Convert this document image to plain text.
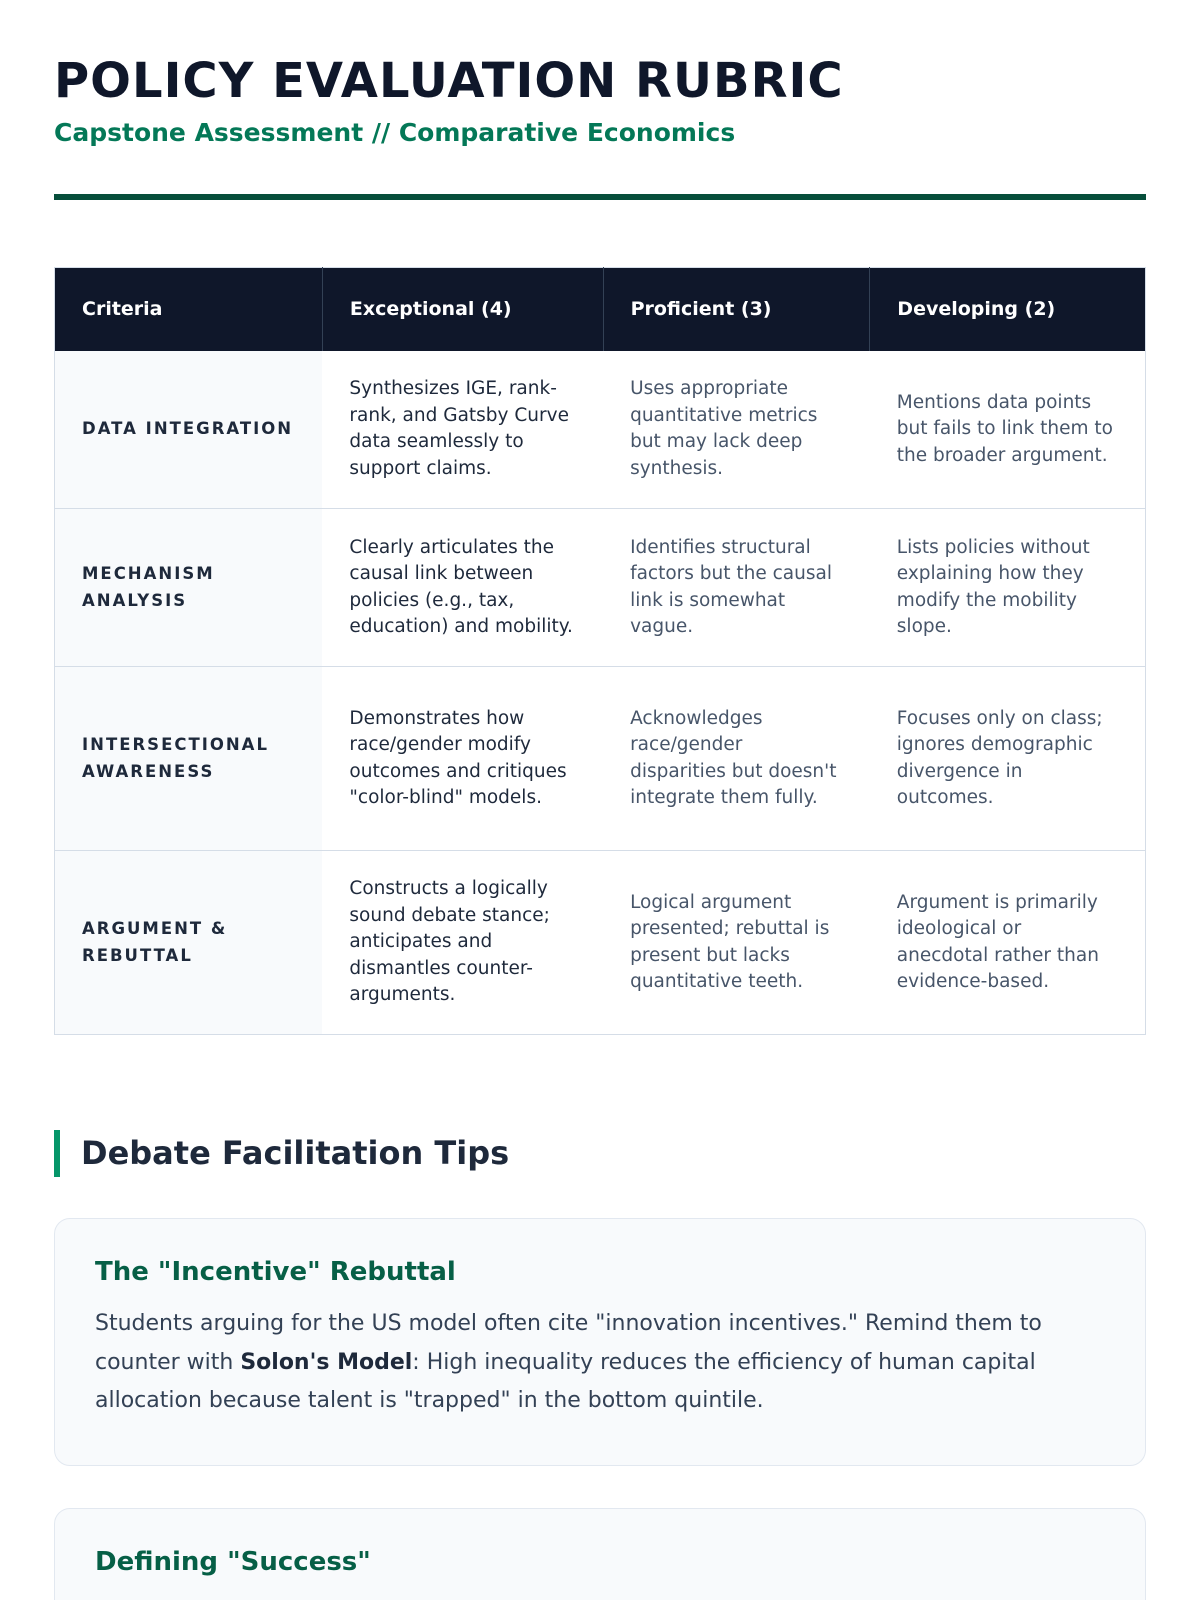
POLICY EVALUATION RUBRIC
Capstone Assessment // Comparative Economics
Criteria	Exceptional (4)	Proficient (3)	Developing (2)
DATA INTEGRATION	Synthesizes IGE, rank-rank, and Gatsby Curve data seamlessly to support claims.	Uses appropriate quantitative metrics but may lack deep synthesis.	Mentions data points but fails to link them to the broader argument.
MECHANISM ANALYSIS	Clearly articulates the causal link between policies (e.g., tax, education) and mobility.	Identifies structural factors but the causal link is somewhat vague.	Lists policies without explaining how they modify the mobility slope.
INTERSECTIONAL AWARENESS	Demonstrates how race/gender modify outcomes and critiques "color-blind" models.	Acknowledges race/gender disparities but doesn't integrate them fully.	Focuses only on class; ignores demographic divergence in outcomes.
ARGUMENT & REBUTTAL	Constructs a logically sound debate stance; anticipates and dismantles counter-arguments.	Logical argument presented; rebuttal is present but lacks quantitative teeth.	Argument is primarily ideological or anecdotal rather than evidence-based.
Debate Facilitation Tips
The "Incentive" Rebuttal

Students arguing for the US model often cite "innovation incentives." Remind them to counter with Solon's Model: High inequality reduces the efficiency of human capital allocation because talent is "trapped" in the bottom quintile.

Defining "Success"
